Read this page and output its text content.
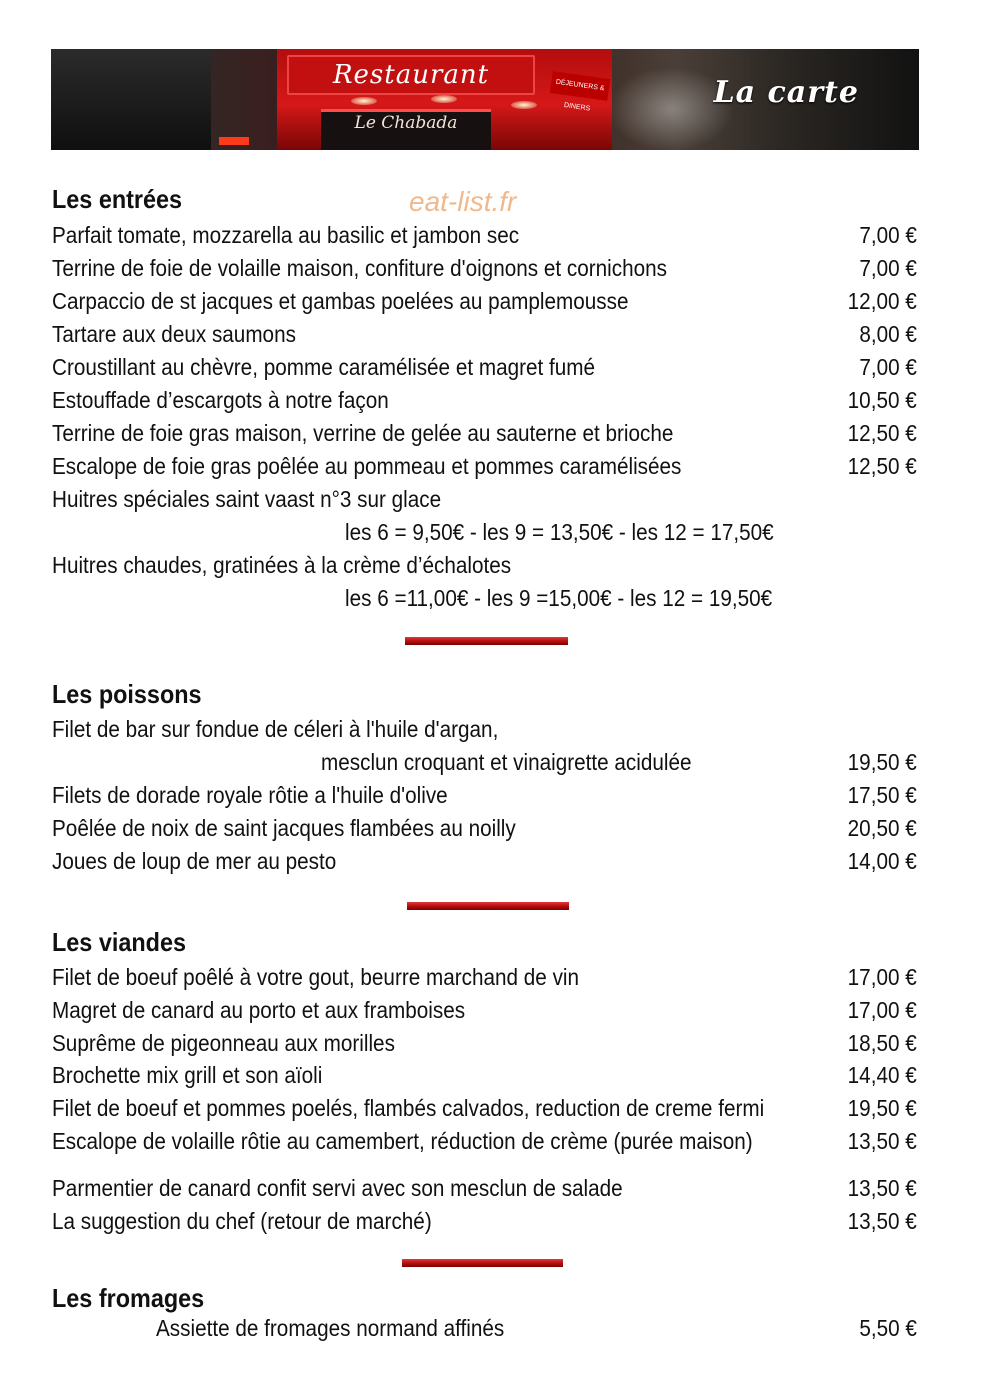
Restaurant	DÉJEUNERS & DINERS
Le Chabada
La carte
eat-list.fr
Les entrées
Parfait tomate, mozzarella au basilic et jambon sec	7,00 €
Terrine de foie de volaille maison, confiture d'oignons et cornichons	7,00 €
Carpaccio de st jacques et gambas poelées au pamplemousse	12,00 €
Tartare aux deux saumons	8,00 €
Croustillant au chèvre, pomme caramélisée et magret fumé	7,00 €
Estouffade d’escargots à notre façon	10,50 €
Terrine de foie gras maison, verrine de gelée au sauterne et brioche	12,50 €
Escalope de foie gras poêlée au pommeau et pommes caramélisées	12,50 €
Huitres spéciales saint vaast n°3 sur glace
les 6 = 9,50€ - les 9 = 13,50€ - les 12 = 17,50€
Huitres chaudes, gratinées à la crème d’échalotes
les 6 =11,00€ - les 9 =15,00€ - les 12 = 19,50€
Les poissons
Filet de bar sur fondue de céleri à l'huile d'argan,
mesclun croquant et vinaigrette acidulée	19,50 €
Filets de dorade royale rôtie a l'huile d'olive	17,50 €
Poêlée de noix de saint jacques flambées au noilly	20,50 €
Joues de loup de mer au pesto	14,00 €
Les viandes
Filet de boeuf poêlé à votre gout, beurre marchand de vin	17,00 €
Magret de canard au porto et aux framboises	17,00 €
Suprême de pigeonneau aux morilles	18,50 €
Brochette mix grill et son aïoli	14,40 €
Filet de boeuf et pommes poelés, flambés calvados, reduction de creme fermi	19,50 €
Escalope de volaille rôtie au camembert, réduction de crème (purée maison)	13,50 €
Parmentier de canard confit servi avec son mesclun de salade	13,50 €
La suggestion du chef (retour de marché)	13,50 €
Les fromages
Assiette de fromages normand affinés	5,50 €
